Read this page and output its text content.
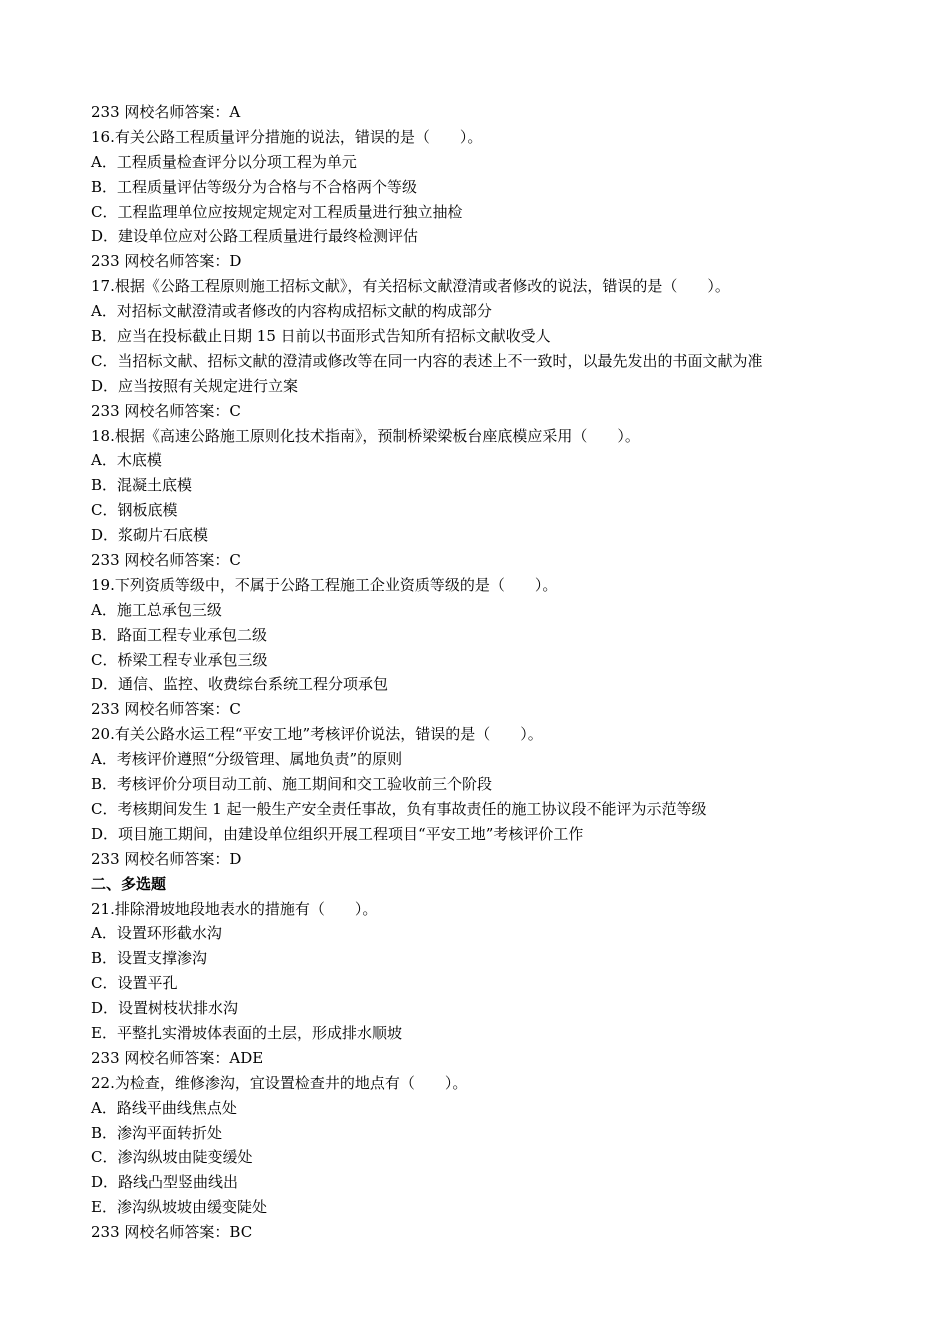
233 网校名师答案：A
16.有关公路工程质量评分措施的说法，错误的是（　　）。
A．工程质量检查评分以分项工程为单元
B．工程质量评估等级分为合格与不合格两个等级
C．工程监理单位应按规定规定对工程质量进行独立抽检
D．建设单位应对公路工程质量进行最终检测评估
233 网校名师答案：D
17.根据《公路工程原则施工招标文献》，有关招标文献澄清或者修改的说法，错误的是（　　）。
A．对招标文献澄清或者修改的内容构成招标文献的构成部分
B．应当在投标截止日期 15 日前以书面形式告知所有招标文献收受人
C．当招标文献、招标文献的澄清或修改等在同一内容的表述上不一致时，以最先发出的书面文献为准
D．应当按照有关规定进行立案
233 网校名师答案：C
18.根据《高速公路施工原则化技术指南》，预制桥梁梁板台座底模应采用（　　）。
A．木底模
B．混凝土底模
C．钢板底模
D．浆砌片石底模
233 网校名师答案：C
19.下列资质等级中，不属于公路工程施工企业资质等级的是（　　）。
A．施工总承包三级
B．路面工程专业承包二级
C．桥梁工程专业承包三级
D．通信、监控、收费综台系统工程分项承包
233 网校名师答案：C
20.有关公路水运工程“平安工地”考核评价说法，错误的是（　　）。
A．考核评价遵照“分级管理、属地负责”的原则
B．考核评价分项目动工前、施工期间和交工验收前三个阶段
C．考核期间发生 1 起一般生产安全责任事故，负有事故责任的施工协议段不能评为示范等级
D．项目施工期间，由建设单位组织开展工程项目“平安工地”考核评价工作
233 网校名师答案：D
二、多选题
21.排除滑坡地段地表水的措施有（　　）。
A．设置环形截水沟
B．设置支撑渗沟
C．设置平孔
D．设置树枝状排水沟
E．平整扎实滑坡体表面的土层，形成排水顺坡
233 网校名师答案：ADE
22.为检查，维修渗沟，宜设置检查井的地点有（　　）。
A．路线平曲线焦点处
B．渗沟平面转折处
C．渗沟纵坡由陡变缓处
D．路线凸型竖曲线出
E．渗沟纵坡坡由缓变陡处
233 网校名师答案：BC
